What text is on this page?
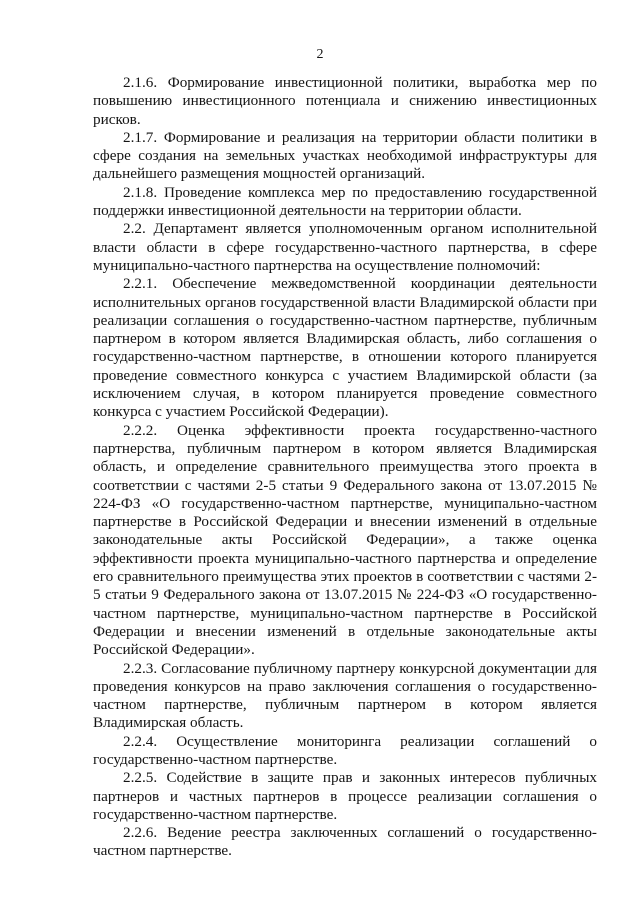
2

2.1.6. Формирование инвестиционной политики, выработка мер по повышению инвестиционного потенциала и снижению инвестиционных рисков.

2.1.7. Формирование и реализация на территории области политики в сфере создания на земельных участках необходимой инфраструктуры для дальнейшего размещения мощностей организаций.

2.1.8. Проведение комплекса мер по предоставлению государственной поддержки инвестиционной деятельности на территории области.

2.2. Департамент является уполномоченным органом исполнительной власти области в сфере государственно-частного партнерства, в сфере муниципально-частного партнерства на осуществление полномочий:

2.2.1. Обеспечение межведомственной координации деятельности исполнительных органов государственной власти Владимирской области при реализации соглашения о государственно-частном партнерстве, публичным партнером в котором является Владимирская область, либо соглашения о государственно-частном партнерстве, в отношении которого планируется проведение совместного конкурса с участием Владимирской области (за исключением случая, в котором планируется проведение совместного конкурса с участием Российской Федерации).

2.2.2. Оценка эффективности проекта государственно-частного партнерства, публичным партнером в котором является Владимирская область, и определение сравнительного преимущества этого проекта в соответствии с частями 2-5 статьи 9 Федерального закона от 13.07.2015 № 224-ФЗ «О государственно-частном партнерстве, муниципально-частном партнерстве в Российской Федерации и внесении изменений в отдельные законодательные акты Российской Федерации», а также оценка эффективности проекта муниципально-частного партнерства и определение его сравнительного преимущества этих проектов в соответствии с частями 2-5 статьи 9 Федерального закона от 13.07.2015 № 224-ФЗ «О государственно-частном партнерстве, муниципально-частном партнерстве в Российской Федерации и внесении изменений в отдельные законодательные акты Российской Федерации».

2.2.3. Согласование публичному партнеру конкурсной документации для проведения конкурсов на право заключения соглашения о государственно-частном партнерстве, публичным партнером в котором является Владимирская область.

2.2.4. Осуществление мониторинга реализации соглашений о государственно-частном партнерстве.

2.2.5. Содействие в защите прав и законных интересов публичных партнеров и частных партнеров в процессе реализации соглашения о государственно-частном партнерстве.

2.2.6. Ведение реестра заключенных соглашений о государственно-частном партнерстве.
